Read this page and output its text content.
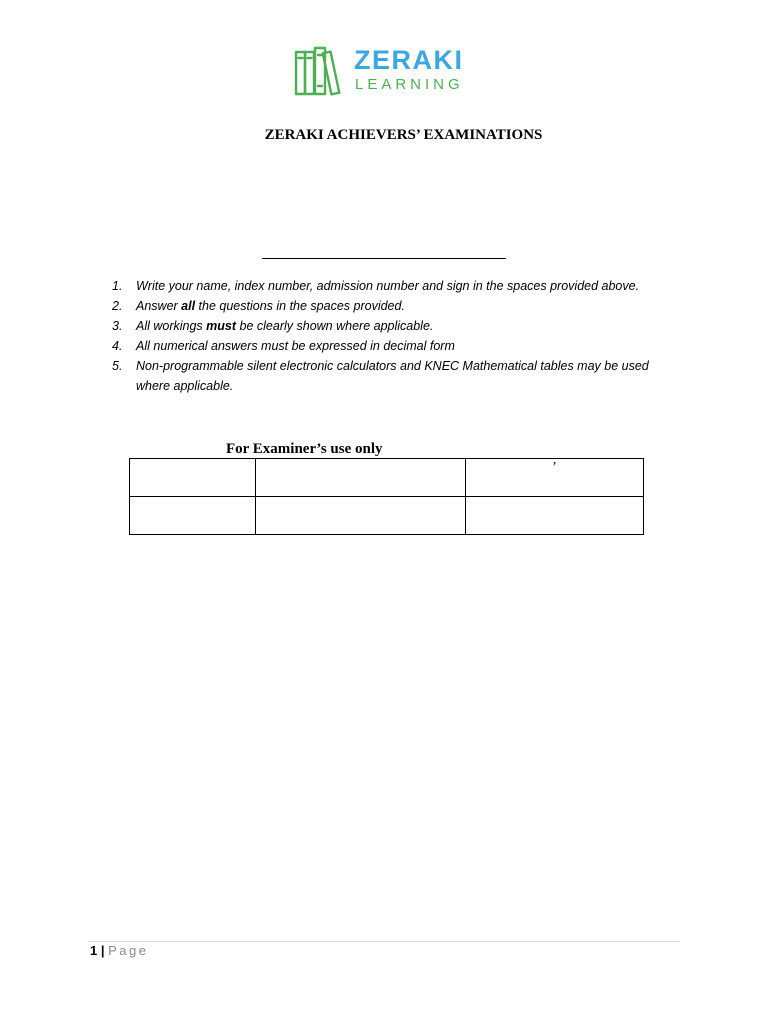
ZERAKI
LEARNING
ZERAKI ACHIEVERS’ EXAMINATIONS
1. Write your name, index number, admission number and sign in the spaces provided above.
2. Answer all the questions in the spaces provided.
3. All workings must be clearly shown where applicable.
4. All numerical answers must be expressed in decimal form
5. Non-programmable silent electronic calculators and KNEC Mathematical tables may be used where applicable.
For Examiner’s use only
		’

1 | Page
